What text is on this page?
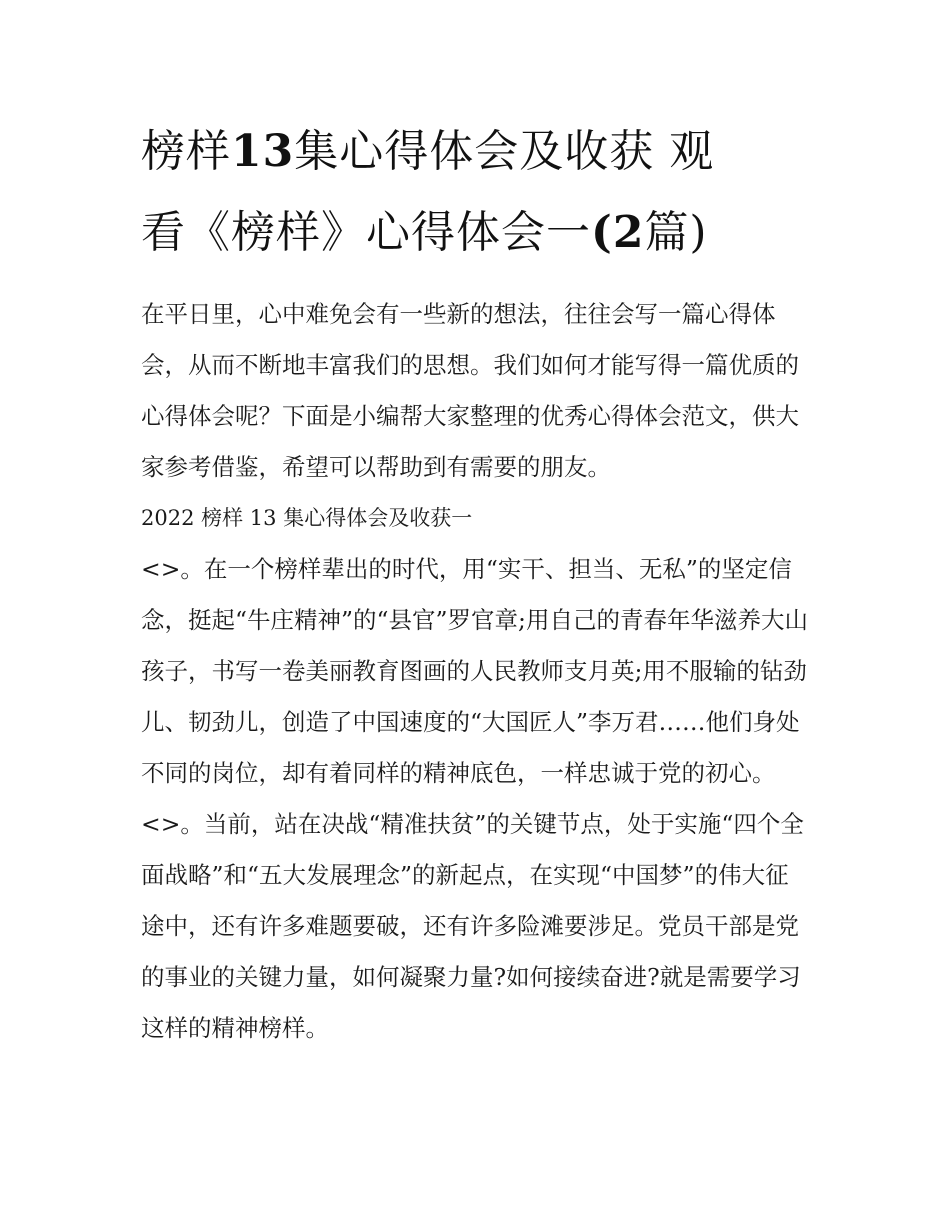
榜样13集心得体会及收获 观
看《榜样》心得体会一(2篇)

在平日里，心中难免会有一些新的想法，往往会写一篇心得体会，从而不断地丰富我们的思想。我们如何才能写得一篇优质的心得体会呢？下面是小编帮大家整理的优秀心得体会范文，供大家参考借鉴，希望可以帮助到有需要的朋友。

2022 榜样 13 集心得体会及收获一

<>。在一个榜样辈出的时代，用“实干、担当、无私”的坚定信念，挺起“牛庄精神”的“县官”罗官章;用自己的青春年华滋养大山孩子，书写一卷美丽教育图画的人民教师支月英;用不服输的钻劲儿、韧劲儿，创造了中国速度的“大国匠人”李万君……他们身处不同的岗位，却有着同样的精神底色，一样忠诚于党的初心。

<>。当前，站在决战“精准扶贫”的关键节点，处于实施“四个全面战略”和“五大发展理念”的新起点，在实现“中国梦”的伟大征途中，还有许多难题要破，还有许多险滩要涉足。党员干部是党的事业的关键力量，如何凝聚力量?如何接续奋进?就是需要学习这样的精神榜样。
